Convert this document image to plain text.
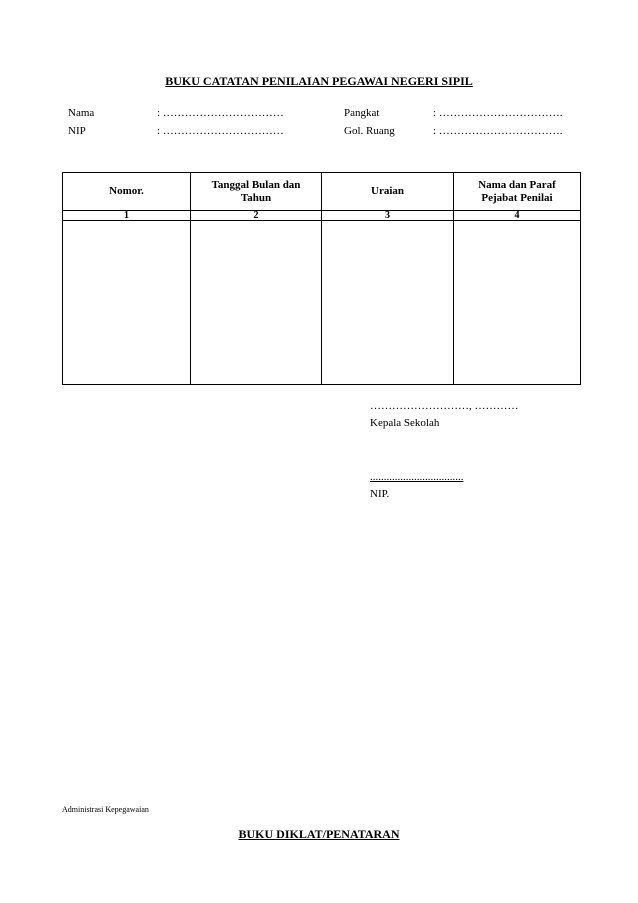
BUKU CATATAN PENILAIAN PEGAWAI NEGERI SIPIL
Nama	: ……………………………	Pangkat	: …………………………….
NIP	: ……………………………	Gol. Ruang	: …………………………….
Nomor.	Tanggal Bulan dan Tahun	Uraian	Nama dan Paraf Pejabat Penilai
1	2	3	4

………………………, …………
Kepala Sekolah
..................................
NIP.
Administrasi Kepegawaian
BUKU DIKLAT/PENATARAN
